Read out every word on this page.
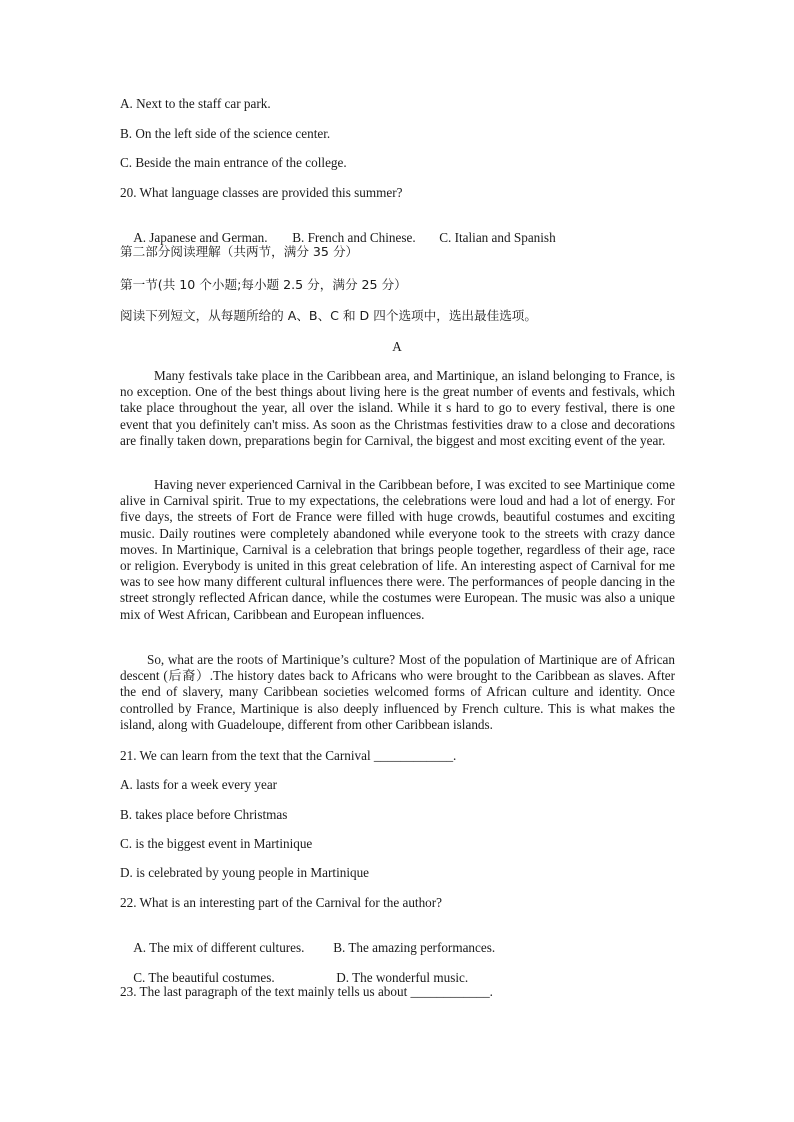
A. Next to the staff car park.
B. On the left side of the science center.
C. Beside the main entrance of the college.
20. What language classes are provided this summer?

A. Japanese and German. B. French and Chinese. C. Italian and Spanish

第二部分阅读理解（共两节，满分 35 分）
第一节(共 10 个小题;每小题 2.5 分，满分 25 分）
阅读下列短文，从每题所给的 A、B、C 和 D 四个选项中，选出最佳选项。
A
Many festivals take place in the Caribbean area, and Martinique, an island belonging to France, is no exception. One of the best things about living here is the great number of events and festivals, which take place throughout the year, all over the island. While it s hard to go to every festival, there is one event that you definitely can't miss. As soon as the Christmas festivities draw to a close and decorations are finally taken down, preparations begin for Carnival, the biggest and most exciting event of the year.
Having never experienced Carnival in the Caribbean before, I was excited to see Martinique come alive in Carnival spirit. True to my expectations, the celebrations were loud and had a lot of energy. For five days, the streets of Fort de France were filled with huge crowds, beautiful costumes and exciting music. Daily routines were completely abandoned while everyone took to the streets with crazy dance moves. In Martinique, Carnival is a celebration that brings people together, regardless of their age, race or religion. Everybody is united in this great celebration of life. An interesting aspect of Carnival for me was to see how many different cultural influences there were. The performances of people dancing in the street strongly reflected African dance, while the costumes were European. The music was also a unique mix of West African, Caribbean and European influences.
So, what are the roots of Martinique’s culture? Most of the population of Martinique are of African descent (后裔）.The history dates back to Africans who were brought to the Caribbean as slaves. After the end of slavery, many Caribbean societies welcomed forms of African culture and identity. Once controlled by France, Martinique is also deeply influenced by French culture. This is what makes the island, along with Guadeloupe, different from other Caribbean islands.
21. We can learn from the text that the Carnival ____________.
A. lasts for a week every year
B. takes place before Christmas
C. is the biggest event in Martinique
D. is celebrated by young people in Martinique
22. What is an interesting part of the Carnival for the author?

A. The mix of different cultures. B. The amazing performances.

C. The beautiful costumes.	D. The wonderful music.

23. The last paragraph of the text mainly tells us about ____________.
